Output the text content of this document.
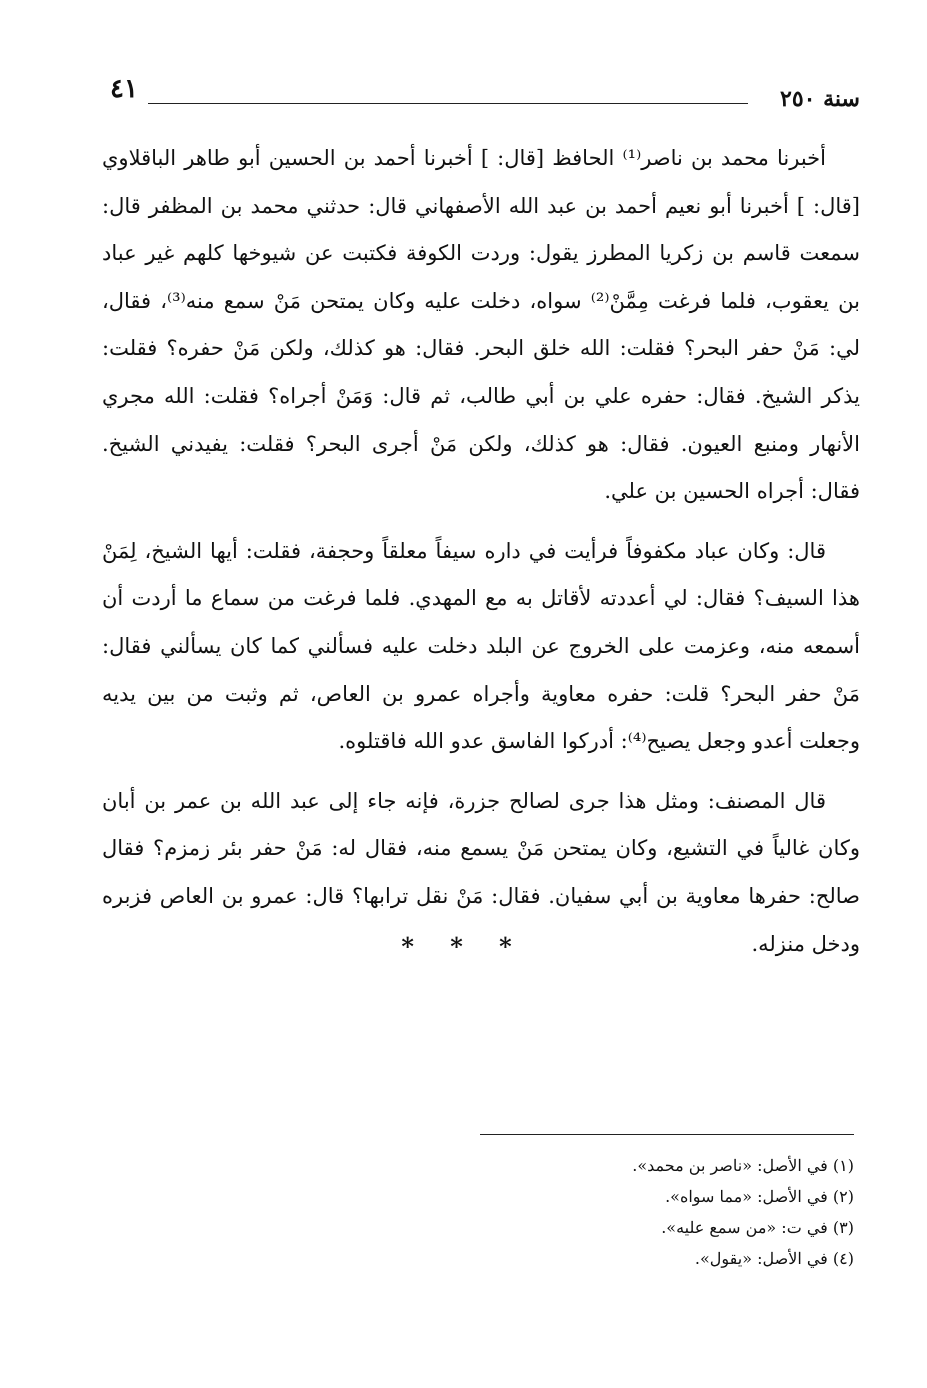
سنة ٢٥٠
٤١

أخبرنا محمد بن ناصر⁽¹⁾ الحافظ [قال: ] أخبرنا أحمد بن الحسين أبو طاهر الباقلاوي [قال: ] أخبرنا أبو نعيم أحمد بن عبد الله الأصفهاني قال: حدثني محمد بن المظفر قال: سمعت قاسم بن زكريا المطرز يقول: وردت الكوفة فكتبت عن شيوخها كلهم غير عباد بن يعقوب، فلما فرغت مِمَّنْ⁽²⁾ سواه، دخلت عليه وكان يمتحن مَنْ سمع منه⁽³⁾، فقال، لي: مَنْ حفر البحر؟ فقلت: الله خلق البحر. فقال: هو كذلك، ولكن مَنْ حفره؟ فقلت: يذكر الشيخ. فقال: حفره علي بن أبي طالب، ثم قال: وَمَنْ أجراه؟ فقلت: الله مجري الأنهار ومنبع العيون. فقال: هو كذلك، ولكن مَنْ أجرى البحر؟ فقلت: يفيدني الشيخ. فقال: أجراه الحسين بن علي.

قال: وكان عباد مكفوفاً فرأيت في داره سيفاً معلقاً وحجفة، فقلت: أيها الشيخ، لِمَنْ هذا السيف؟ فقال: لي أعددته لأقاتل به مع المهدي. فلما فرغت من سماع ما أردت أن أسمعه منه، وعزمت على الخروج عن البلد دخلت عليه فسألني كما كان يسألني فقال: مَنْ حفر البحر؟ قلت: حفره معاوية وأجراه عمرو بن العاص، ثم وثبت من بين يديه وجعلت أعدو وجعل يصيح⁽⁴⁾: أدركوا الفاسق عدو الله فاقتلوه.

قال المصنف: ومثل هذا جرى لصالح جزرة، فإنه جاء إلى عبد الله بن عمر بن أبان وكان غالياً في التشيع، وكان يمتحن مَنْ يسمع منه، فقال له: مَنْ حفر بئر زمزم؟ فقال صالح: حفرها معاوية بن أبي سفيان. فقال: مَنْ نقل ترابها؟ قال: عمرو بن العاص فزبره ودخل منزله.

* * *
(١) في الأصل: «ناصر بن محمد».
(٢) في الأصل: «مما سواه».
(٣) في ت: «من سمع عليه».
(٤) في الأصل: «يقول».
